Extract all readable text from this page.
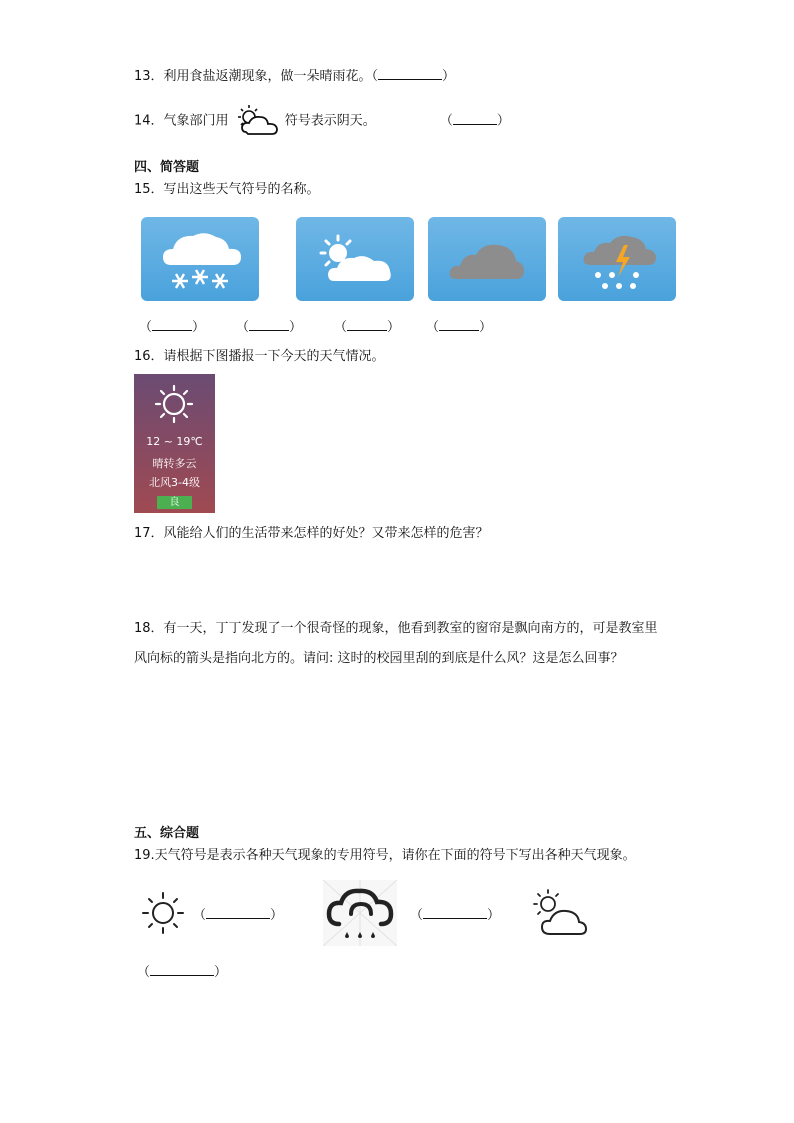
13．利用食盐返潮现象，做一朵晴雨花。（	）
14．气象部门用	符号表示阴天。	（	）
四、简答题
15．写出这些天气符号的名称。
（	） （	） （	） （	）
16．请根据下图播报一下今天的天气情况。
12 ~ 19℃
晴转多云
北风3-4级
良
17．风能给人们的生活带来怎样的好处？又带来怎样的危害？
18．有一天，丁丁发现了一个很奇怪的现象，他看到教室的窗帘是飘向南方的，可是教室里风向标的箭头是指向北方的。请问: 这时的校园里刮的到底是什么风？这是怎么回事？
五、综合题
19.天气符号是表示各种天气现象的专用符号，请你在下面的符号下写出各种天气现象。
（	）	（	）
（	）
